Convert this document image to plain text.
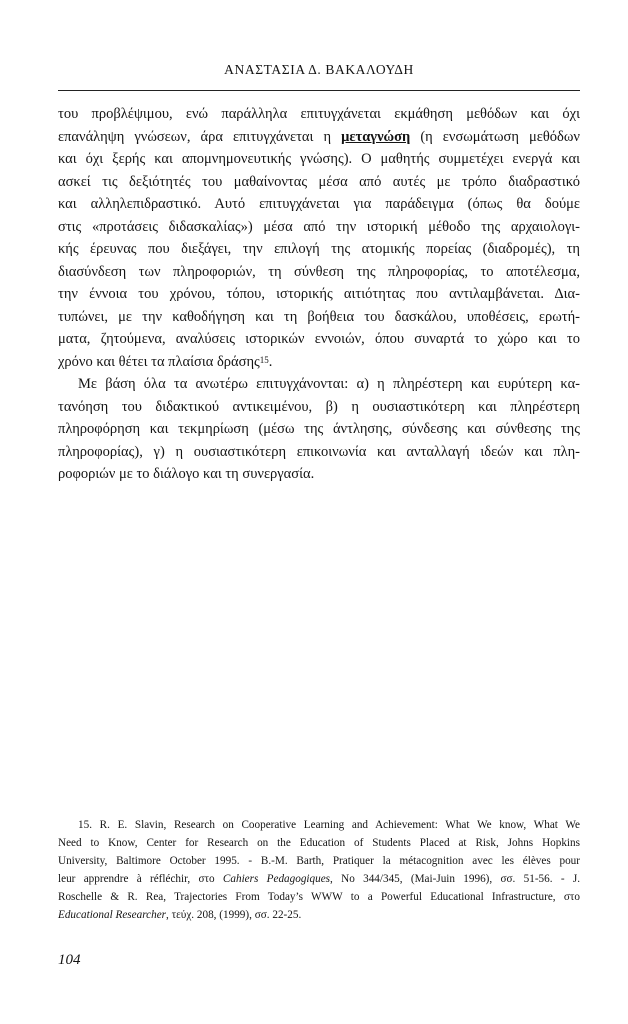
ΑΝΑΣΤΑΣΙΑ Δ. ΒΑΚΑΛΟΥΔΗ
του προβλέψιμου, ενώ παράλληλα επιτυγχάνεται εκμάθηση μεθόδων και όχι
επανάληψη γνώσεων, άρα επιτυγχάνεται η μεταγνώση (η ενσωμάτωση μεθόδων
και όχι ξερής και απομνημονευτικής γνώσης). Ο μαθητής συμμετέχει ενεργά και
ασκεί τις δεξιότητές του μαθαίνοντας μέσα από αυτές με τρόπο διαδραστικό
και αλληλεπιδραστικό. Αυτό επιτυγχάνεται για παράδειγμα (όπως θα δούμε
στις «προτάσεις διδασκαλίας») μέσα από την ιστορική μέθοδο της αρχαιολογι-
κής έρευνας που διεξάγει, την επιλογή της ατομικής πορείας (διαδρομές), τη
διασύνδεση των πληροφοριών, τη σύνθεση της πληροφορίας, το αποτέλεσμα,
την έννοια του χρόνου, τόπου, ιστορικής αιτιότητας που αντιλαμβάνεται. Δια-
τυπώνει, με την καθοδήγηση και τη βοήθεια του δασκάλου, υποθέσεις, ερωτή-
ματα, ζητούμενα, αναλύσεις ιστορικών εννοιών, όπου συναρτά το χώρο και το
χρόνο και θέτει τα πλαίσια δράσης$^{15}$.
Με βάση όλα τα ανωτέρω επιτυγχάνονται: α) η πληρέστερη και ευρύτερη κα-
τανόηση του διδακτικού αντικειμένου, β) η ουσιαστικότερη και πληρέστερη
πληροφόρηση και τεκμηρίωση (μέσω της άντλησης, σύνδεσης και σύνθεσης της
πληροφορίας), γ) η ουσιαστικότερη επικοινωνία και ανταλλαγή ιδεών και πλη-
ροφοριών με το διάλογο και τη συνεργασία.
15. R. E. Slavin, Research on Cooperative Learning and Achievement: What We know, What We
Need to Know, Center for Research on the Education of Students Placed at Risk, Johns Hopkins
University, Baltimore October 1995. - B.-M. Barth, Pratiquer la métacognition avec les élèves pour
leur apprendre à réfléchir, στο Cahiers Pedagogiques, No 344/345, (Mai-Juin 1996), σσ. 51-56. - J.
Roschelle & R. Rea, Trajectories From Today’s WWW to a Powerful Educational Infrastructure, στο
Educational Researcher, τεύχ. 208, (1999), σσ. 22-25.
104
